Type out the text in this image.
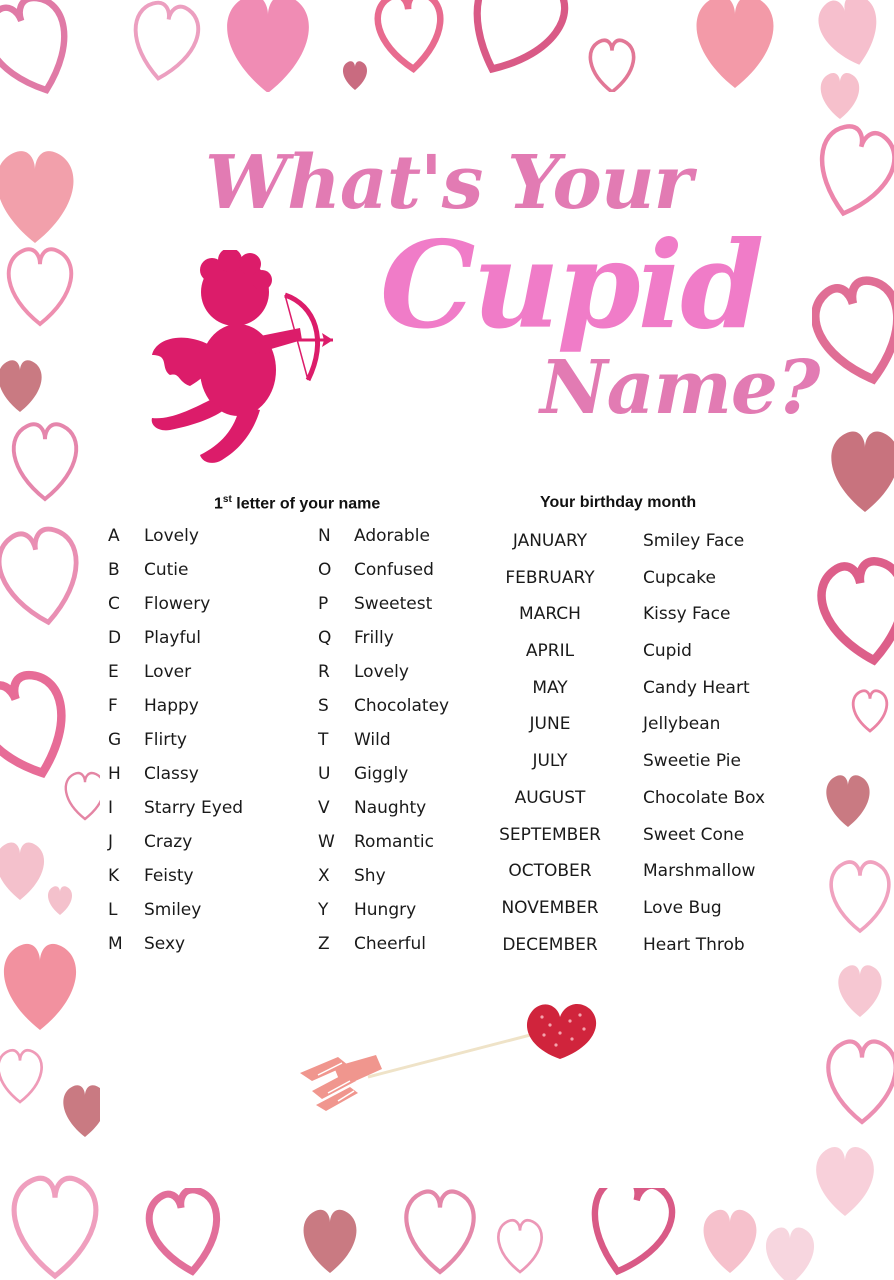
What's Your
Cupid
Name?
1st letter of your name	Your birthday month
A Lovely
B Cutie
C Flowery
D Playful
E Lover
F Happy
G Flirty
H Classy
I Starry Eyed
J Crazy
K Feisty
L Smiley
M Sexy
N Adorable
O Confused
P Sweetest
Q Frilly
R Lovely
S Chocolatey
T Wild
U Giggly
V Naughty
W Romantic
X Shy
Y Hungry
Z Cheerful
JANUARY	Smiley Face
FEBRUARY	Cupcake
MARCH	Kissy Face
APRIL	Cupid
MAY	Candy Heart
JUNE	Jellybean
JULY	Sweetie Pie
AUGUST	Chocolate Box
SEPTEMBER Sweet Cone
OCTOBER	Marshmallow
NOVEMBER	Love Bug
DECEMBER	Heart Throb
